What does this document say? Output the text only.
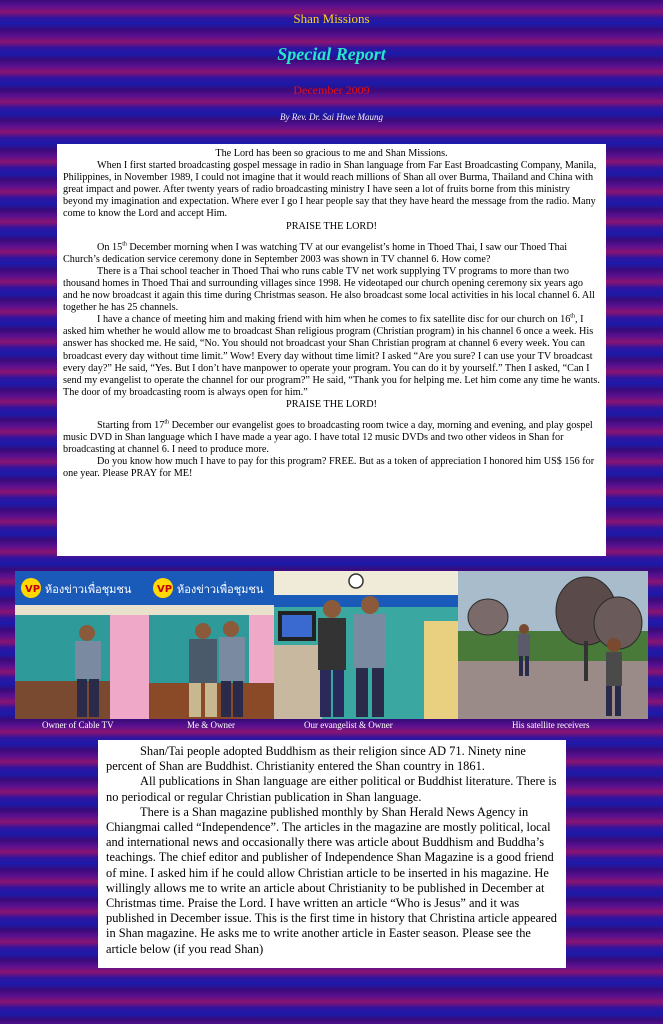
Shan Missions
Special Report
December 2009
By Rev. Dr. Sai Htwe Maung

The Lord has been so gracious to me and Shan Missions.

When I first started broadcasting gospel message in radio in Shan language from Far East Broadcasting Company, Manila, Philippines, in November 1989, I could not imagine that it would reach millions of Shan all over Burma, Thailand and China with great impact and power. After twenty years of radio broadcasting ministry I have seen a lot of fruits borne from this ministry beyond my imagination and expectation. Where ever I go I hear people say that they have heard the message from the radio. Many come to know the Lord and accept Him.

PRAISE THE LORD!

On 15th December morning when I was watching TV at our evangelist’s home in Thoed Thai, I saw our Thoed Thai Church’s dedication service ceremony done in September 2003 was shown in TV channel 6. How come?

There is a Thai school teacher in Thoed Thai who runs cable TV net work supplying TV programs to more than two thousand homes in Thoed Thai and surrounding villages since 1998. He videotaped our church opening ceremony six years ago and he now broadcast it again this time during Christmas season. He also broadcast some local activities in his local channel 6. All together he has 25 channels.

I have a chance of meeting him and making friend with him when he comes to fix satellite disc for our church on 16th, I asked him whether he would allow me to broadcast Shan religious program (Christian program) in his channel 6 once a week. His answer has shocked me. He said, “No. You should not broadcast your Shan Christian program at channel 6 every week. You can broadcast every day without time limit.” Wow! Every day without time limit? I asked “Are you sure? I can use your TV broadcast every day?” He said, “Yes. But I don’t have manpower to operate your program. You can do it by yourself.” Then I asked, “Can I send my evangelist to operate the channel for our program?” He said, “Thank you for helping me. Let him come any time he wants. The door of my broadcasting room is always open for him.”

PRAISE THE LORD!

Starting from 17th December our evangelist goes to broadcasting room twice a day, morning and evening, and play gospel music DVD in Shan language which I have made a year ago. I have total 12 music DVDs and two other videos in Shan for broadcasting at channel 6. I need to produce more.

Do you know how much I have to pay for this program? FREE. But as a token of appreciation I honored him US$ 156 for one year. Please PRAY for ME!

VP ห้องข่าวเพื่อชุมชน	VP ห้องข่าวเพื่อชุมชน
Owner of Cable TV	Me & Owner	Our evangelist & Owner	His satellite receivers

Shan/Tai people adopted Buddhism as their religion since AD 71. Ninety nine percent of Shan are Buddhist. Christianity entered the Shan country in 1861.

All publications in Shan language are either political or Buddhist literature. There is no periodical or regular Christian publication in Shan language.

There is a Shan magazine published monthly by Shan Herald News Agency in Chiangmai called “Independence”. The articles in the magazine are mostly political, local and international news and occasionally there was article about Buddhism and Buddha’s teachings. The chief editor and publisher of Independence Shan Magazine is a good friend of mine. I asked him if he could allow Christian article to be inserted in his magazine. He willingly allows me to write an article about Christianity to be published in December at Christmas time. Praise the Lord. I have written an article “Who is Jesus” and it was published in December issue. This is the first time in history that Christina article appeared in Shan magazine. He asks me to write another article in Easter season. Please see the article below (if you read Shan)
